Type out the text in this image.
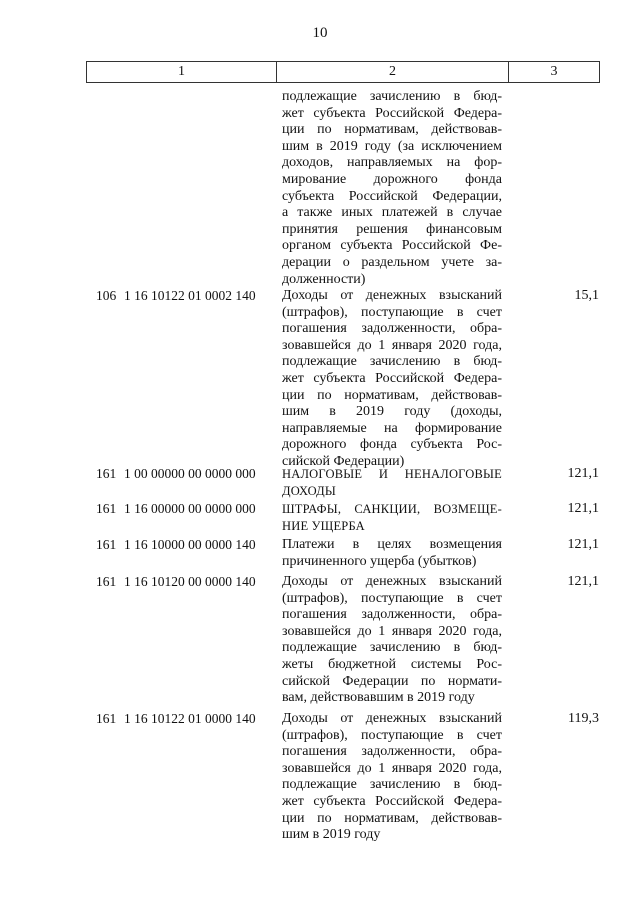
10
1	2	3
подлежащие зачислению в бюд-
жет субъекта Российской Федера-
ции по нормативам, действовав-
шим в 2019 году (за исключением
доходов, направляемых на фор-
мирование дорожного фонда
субъекта Российской Федерации,
а также иных платежей в случае
принятия решения финансовым
органом субъекта Российской Фе-
дерации о раздельном учете за-
долженности)
106 1 16 10122 01 0002 140	Доходы от денежных взысканий
(штрафов), поступающие в счет
погашения задолженности, обра-
зовавшейся до 1 января 2020 года,
подлежащие зачислению в бюд-
жет субъекта Российской Федера-
ции по нормативам, действовав-
шим в 2019 году (доходы,
направляемые на формирование
дорожного фонда субъекта Рос-
сийской Федерации)
15,1
161 1 00 00000 00 0000 000	НАЛОГОВЫЕ И НЕНАЛОГОВЫЕ
ДОХОДЫ
121,1
161 1 16 00000 00 0000 000	ШТРАФЫ, САНКЦИИ, ВОЗМЕЩЕ-
НИЕ УЩЕРБА
121,1
161 1 16 10000 00 0000 140	Платежи в целях возмещения
причиненного ущерба (убытков)
121,1
161 1 16 10120 00 0000 140	Доходы от денежных взысканий
(штрафов), поступающие в счет
погашения задолженности, обра-
зовавшейся до 1 января 2020 года,
подлежащие зачислению в бюд-
жеты бюджетной системы Рос-
сийской Федерации по нормати-
вам, действовавшим в 2019 году
121,1
161 1 16 10122 01 0000 140	Доходы от денежных взысканий
(штрафов), поступающие в счет
погашения задолженности, обра-
зовавшейся до 1 января 2020 года,
подлежащие зачислению в бюд-
жет субъекта Российской Федера-
ции по нормативам, действовав-
шим в 2019 году
119,3
